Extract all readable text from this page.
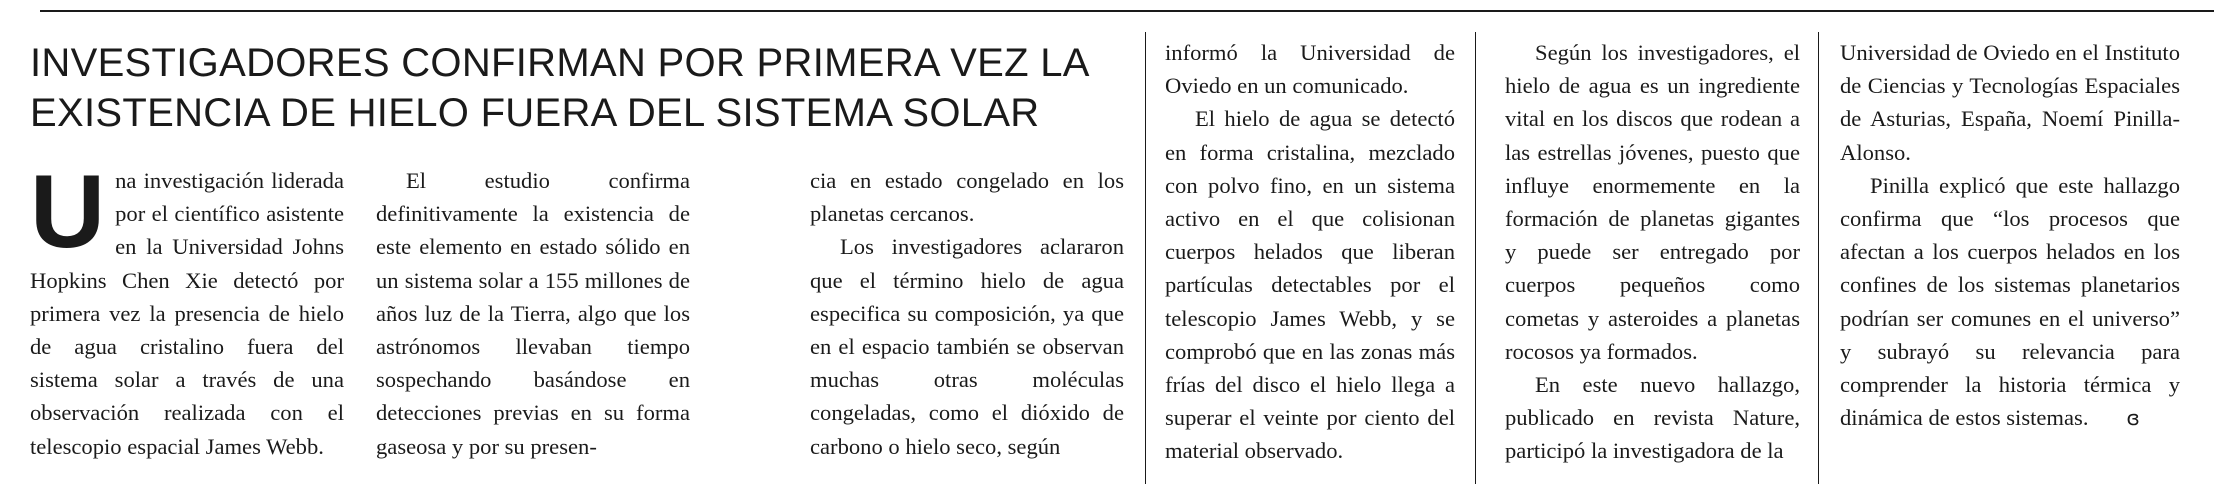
INVESTIGADORES CONFIRMAN POR PRIMERA VEZ LA EXISTENCIA DE HIELO FUERA DEL SISTEMA SOLAR

Una investigación liderada por el científico asistente en la Universidad Johns Hopkins Chen Xie detectó por primera vez la presencia de hielo de agua cristalino fuera del sistema solar a través de una observación realizada con el telescopio espacial James Webb.

El estudio confirma definitivamente la existencia de este elemento en estado sólido en un sistema solar a 155 millones de años luz de la Tierra, algo que los astrónomos llevaban tiempo sospechando basándose en detecciones previas en su forma gaseosa y por su presen-

cia en estado congelado en los planetas cercanos.

Los investigadores aclararon que el término hielo de agua especifica su composición, ya que en el espacio también se observan muchas otras moléculas congeladas, como el dióxido de carbono o hielo seco, según

informó la Universidad de Oviedo en un comunicado.

El hielo de agua se detectó en forma cristalina, mezclado con polvo fino, en un sistema activo en el que colisionan cuerpos helados que liberan partículas detectables por el telescopio James Webb, y se comprobó que en las zonas más frías del disco el hielo llega a superar el veinte por ciento del material observado.

Según los investigadores, el hielo de agua es un ingrediente vital en los discos que rodean a las estrellas jóvenes, puesto que influye enormemente en la formación de planetas gigantes y puede ser entregado por cuerpos pequeños como cometas y asteroides a planetas rocosos ya formados.

En este nuevo hallazgo, publicado en revista Nature, participó la investigadora de la

Universidad de Oviedo en el Instituto de Ciencias y Tecnologías Espaciales de Asturias, España, Noemí Pinilla-Alonso.

Pinilla explicó que este hallazgo confirma que “los procesos que afectan a los cuerpos helados en los confines de los sistemas planetarios podrían ser comunes en el universo” y subrayó su relevancia para comprender la historia térmica y dinámica de estos sistemas. ɞ
